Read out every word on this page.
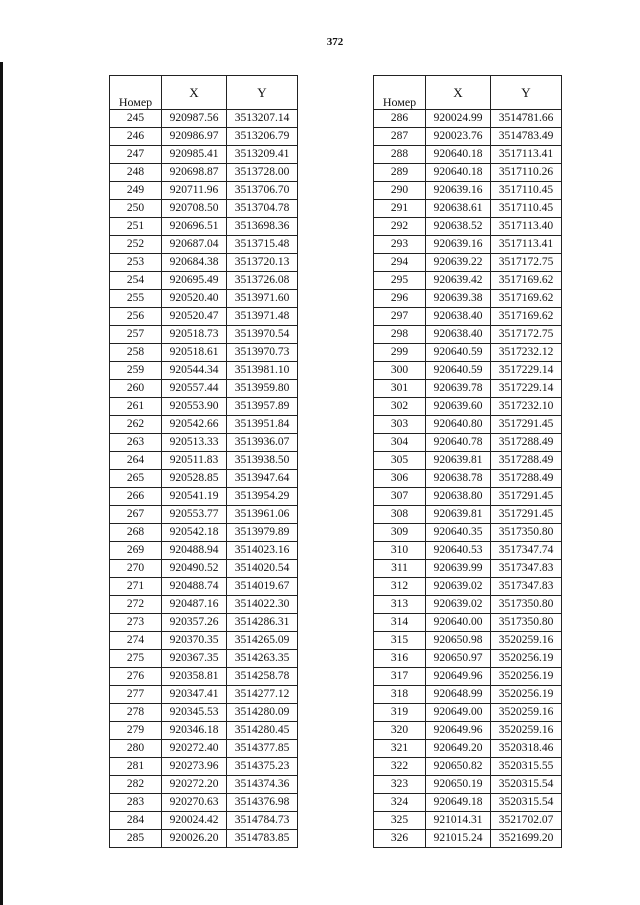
372
Номер	X	Y
245	920987.56	3513207.14
246	920986.97	3513206.79
247	920985.41	3513209.41
248	920698.87	3513728.00
249	920711.96	3513706.70
250	920708.50	3513704.78
251	920696.51	3513698.36
252	920687.04	3513715.48
253	920684.38	3513720.13
254	920695.49	3513726.08
255	920520.40	3513971.60
256	920520.47	3513971.48
257	920518.73	3513970.54
258	920518.61	3513970.73
259	920544.34	3513981.10
260	920557.44	3513959.80
261	920553.90	3513957.89
262	920542.66	3513951.84
263	920513.33	3513936.07
264	920511.83	3513938.50
265	920528.85	3513947.64
266	920541.19	3513954.29
267	920553.77	3513961.06
268	920542.18	3513979.89
269	920488.94	3514023.16
270	920490.52	3514020.54
271	920488.74	3514019.67
272	920487.16	3514022.30
273	920357.26	3514286.31
274	920370.35	3514265.09
275	920367.35	3514263.35
276	920358.81	3514258.78
277	920347.41	3514277.12
278	920345.53	3514280.09
279	920346.18	3514280.45
280	920272.40	3514377.85
281	920273.96	3514375.23
282	920272.20	3514374.36
283	920270.63	3514376.98
284	920024.42	3514784.73
285	920026.20	3514783.85
Номер	X	Y
286	920024.99	3514781.66
287	920023.76	3514783.49
288	920640.18	3517113.41
289	920640.18	3517110.26
290	920639.16	3517110.45
291	920638.61	3517110.45
292	920638.52	3517113.40
293	920639.16	3517113.41
294	920639.22	3517172.75
295	920639.42	3517169.62
296	920639.38	3517169.62
297	920638.40	3517169.62
298	920638.40	3517172.75
299	920640.59	3517232.12
300	920640.59	3517229.14
301	920639.78	3517229.14
302	920639.60	3517232.10
303	920640.80	3517291.45
304	920640.78	3517288.49
305	920639.81	3517288.49
306	920638.78	3517288.49
307	920638.80	3517291.45
308	920639.81	3517291.45
309	920640.35	3517350.80
310	920640.53	3517347.74
311	920639.99	3517347.83
312	920639.02	3517347.83
313	920639.02	3517350.80
314	920640.00	3517350.80
315	920650.98	3520259.16
316	920650.97	3520256.19
317	920649.96	3520256.19
318	920648.99	3520256.19
319	920649.00	3520259.16
320	920649.96	3520259.16
321	920649.20	3520318.46
322	920650.82	3520315.55
323	920650.19	3520315.54
324	920649.18	3520315.54
325	921014.31	3521702.07
326	921015.24	3521699.20
